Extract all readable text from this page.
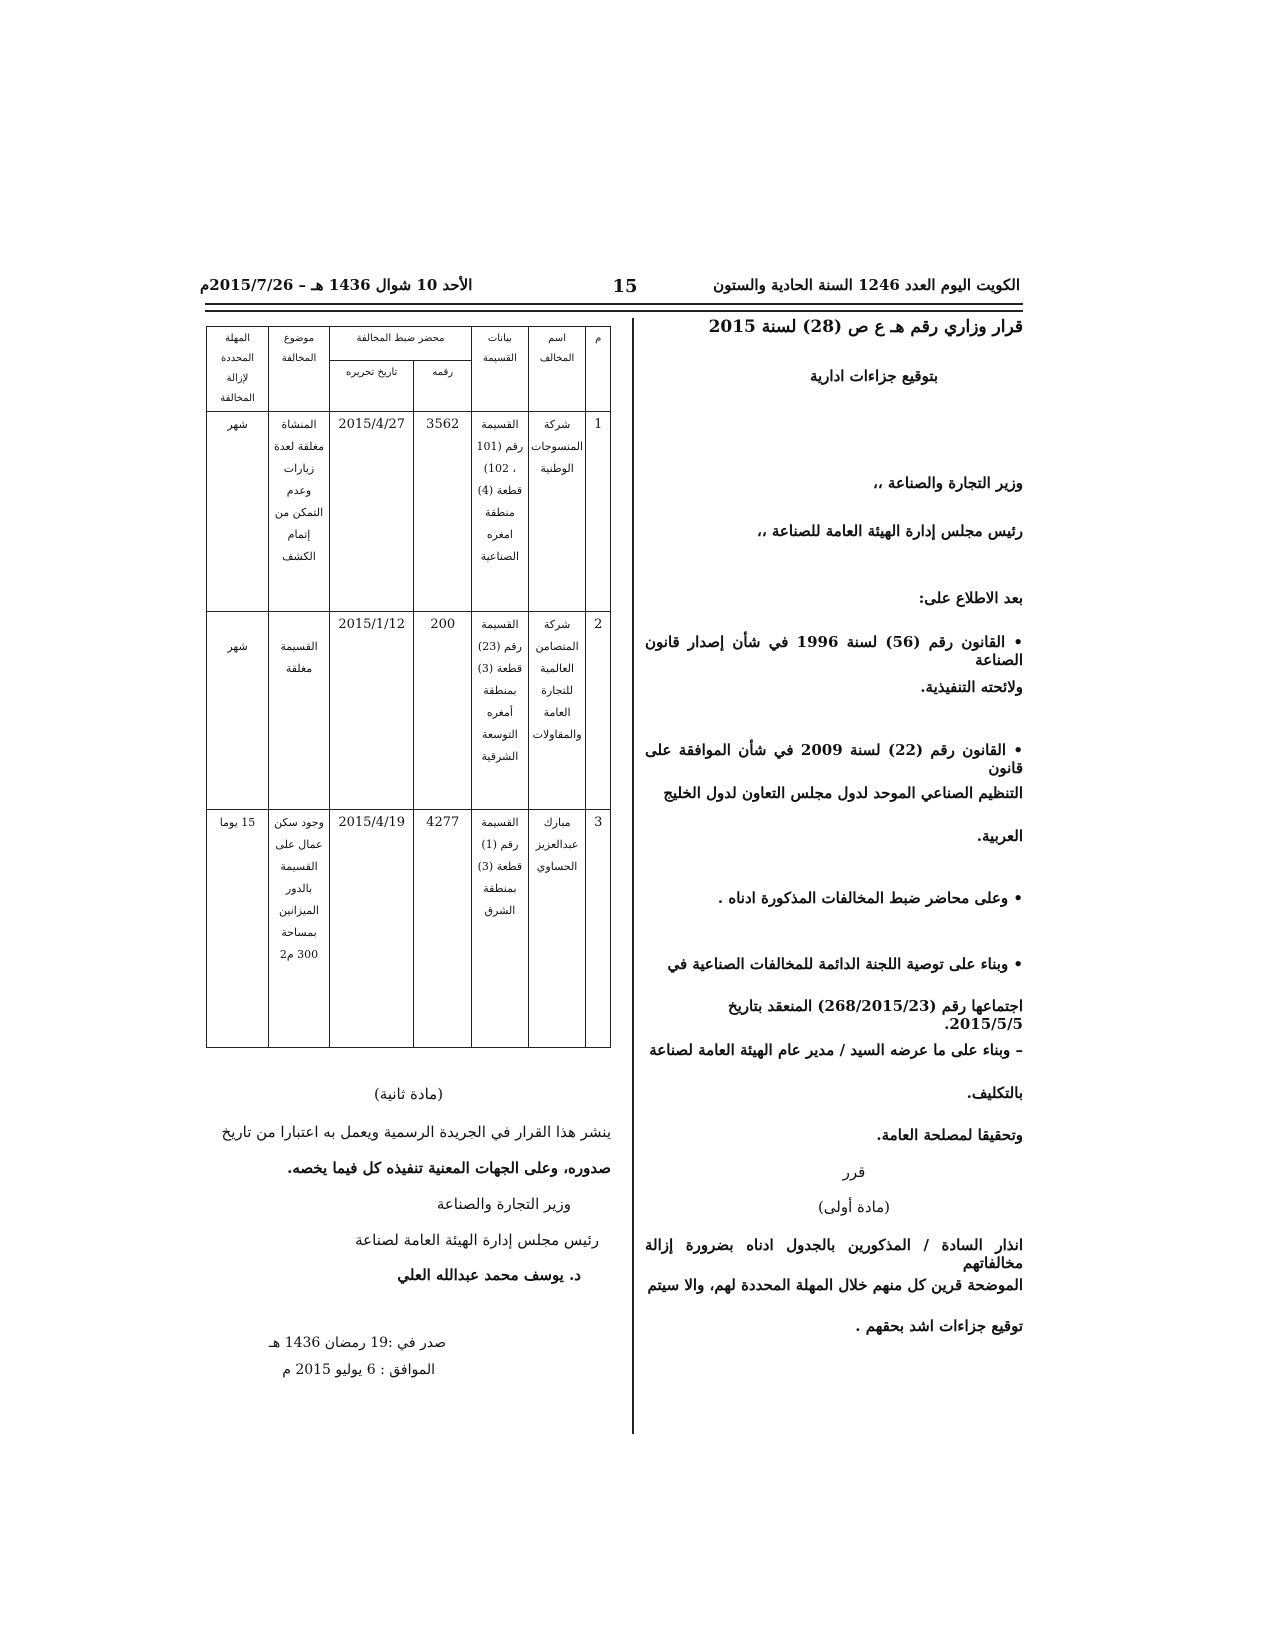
الكويت اليوم العدد 1246 السنة الحادية والستون
15
الأحد 10 شوال 1436 هـ – 2015/7/26م
قرار وزاري رقم هـ ع ص (28) لسنة 2015
بتوقيع جزاءات ادارية
وزير التجارة والصناعة ،،
رئيس مجلس إدارة الهيئة العامة للصناعة ،،
بعد الاطلاع على:
• القانون رقم (56) لسنة 1996 في شأن إصدار قانون الصناعة
ولائحته التنفيذية.
• القانون رقم (22) لسنة 2009 في شأن الموافقة على قانون
التنظيم الصناعي الموحد لدول مجلس التعاون لدول الخليج
العربية.
• وعلى محاضر ضبط المخالفات المذكورة ادناه .
• وبناء على توصية اللجنة الدائمة للمخالفات الصناعية في
اجتماعها رقم (268/2015/23) المنعقد بتاريخ 2015/5/5.
– وبناء على ما عرضه السيد / مدير عام الهيئة العامة لصناعة
بالتكليف.
وتحقيقا لمصلحة العامة.
قرر
(مادة أولى)
انذار السادة / المذكورين بالجدول ادناه بضرورة إزالة مخالفاتهم
الموضحة قرين كل منهم خلال المهلة المحددة لهم، والا سيتم
توقيع جزاءات اشد بحقهم .
م	اسم المخالف	بيانات القسيمة	محضر ضبط المخالفة		موضوع المخالفة	المهلة المحددة لإزالة المخالفة
			رقمه	تاريخ تحريره		
1	شركة المنسوجات الوطنية	القسيمة رقم (101 ، 102) قطعة (4) منطقة امغره الصناعية	3562	2015/4/27	المنشاة مغلقة لعدة زيارات وعدم التمكن من إتمام الكشف	شهر
2	شركة المتصامن العالمية للتجارة العامة والمقاولات	القسيمة رقم (23) قطعة (3) بمنطقة أمغره التوسعة الشرقية	200	2015/1/12	القسيمة مغلقة	شهر
3	مبارك عبدالعزيز الحساوي	القسيمة رقم (1) قطعة (3) بمنطقة الشرق	4277	2015/4/19	وجود سكن عمال على القسيمة بالدور الميزانين بمساحة 300 م2	15 يوما
(مادة ثانية)
ينشر هذا القرار في الجريدة الرسمية ويعمل به اعتبارا من تاريخ
صدوره، وعلى الجهات المعنية تنفيذه كل فيما يخصه.
وزير التجارة والصناعة
رئيس مجلس إدارة الهيئة العامة لصناعة
د. يوسف محمد عبدالله العلي
صدر في :19 رمضان 1436 هـ
الموافق : 6 يوليو 2015 م
